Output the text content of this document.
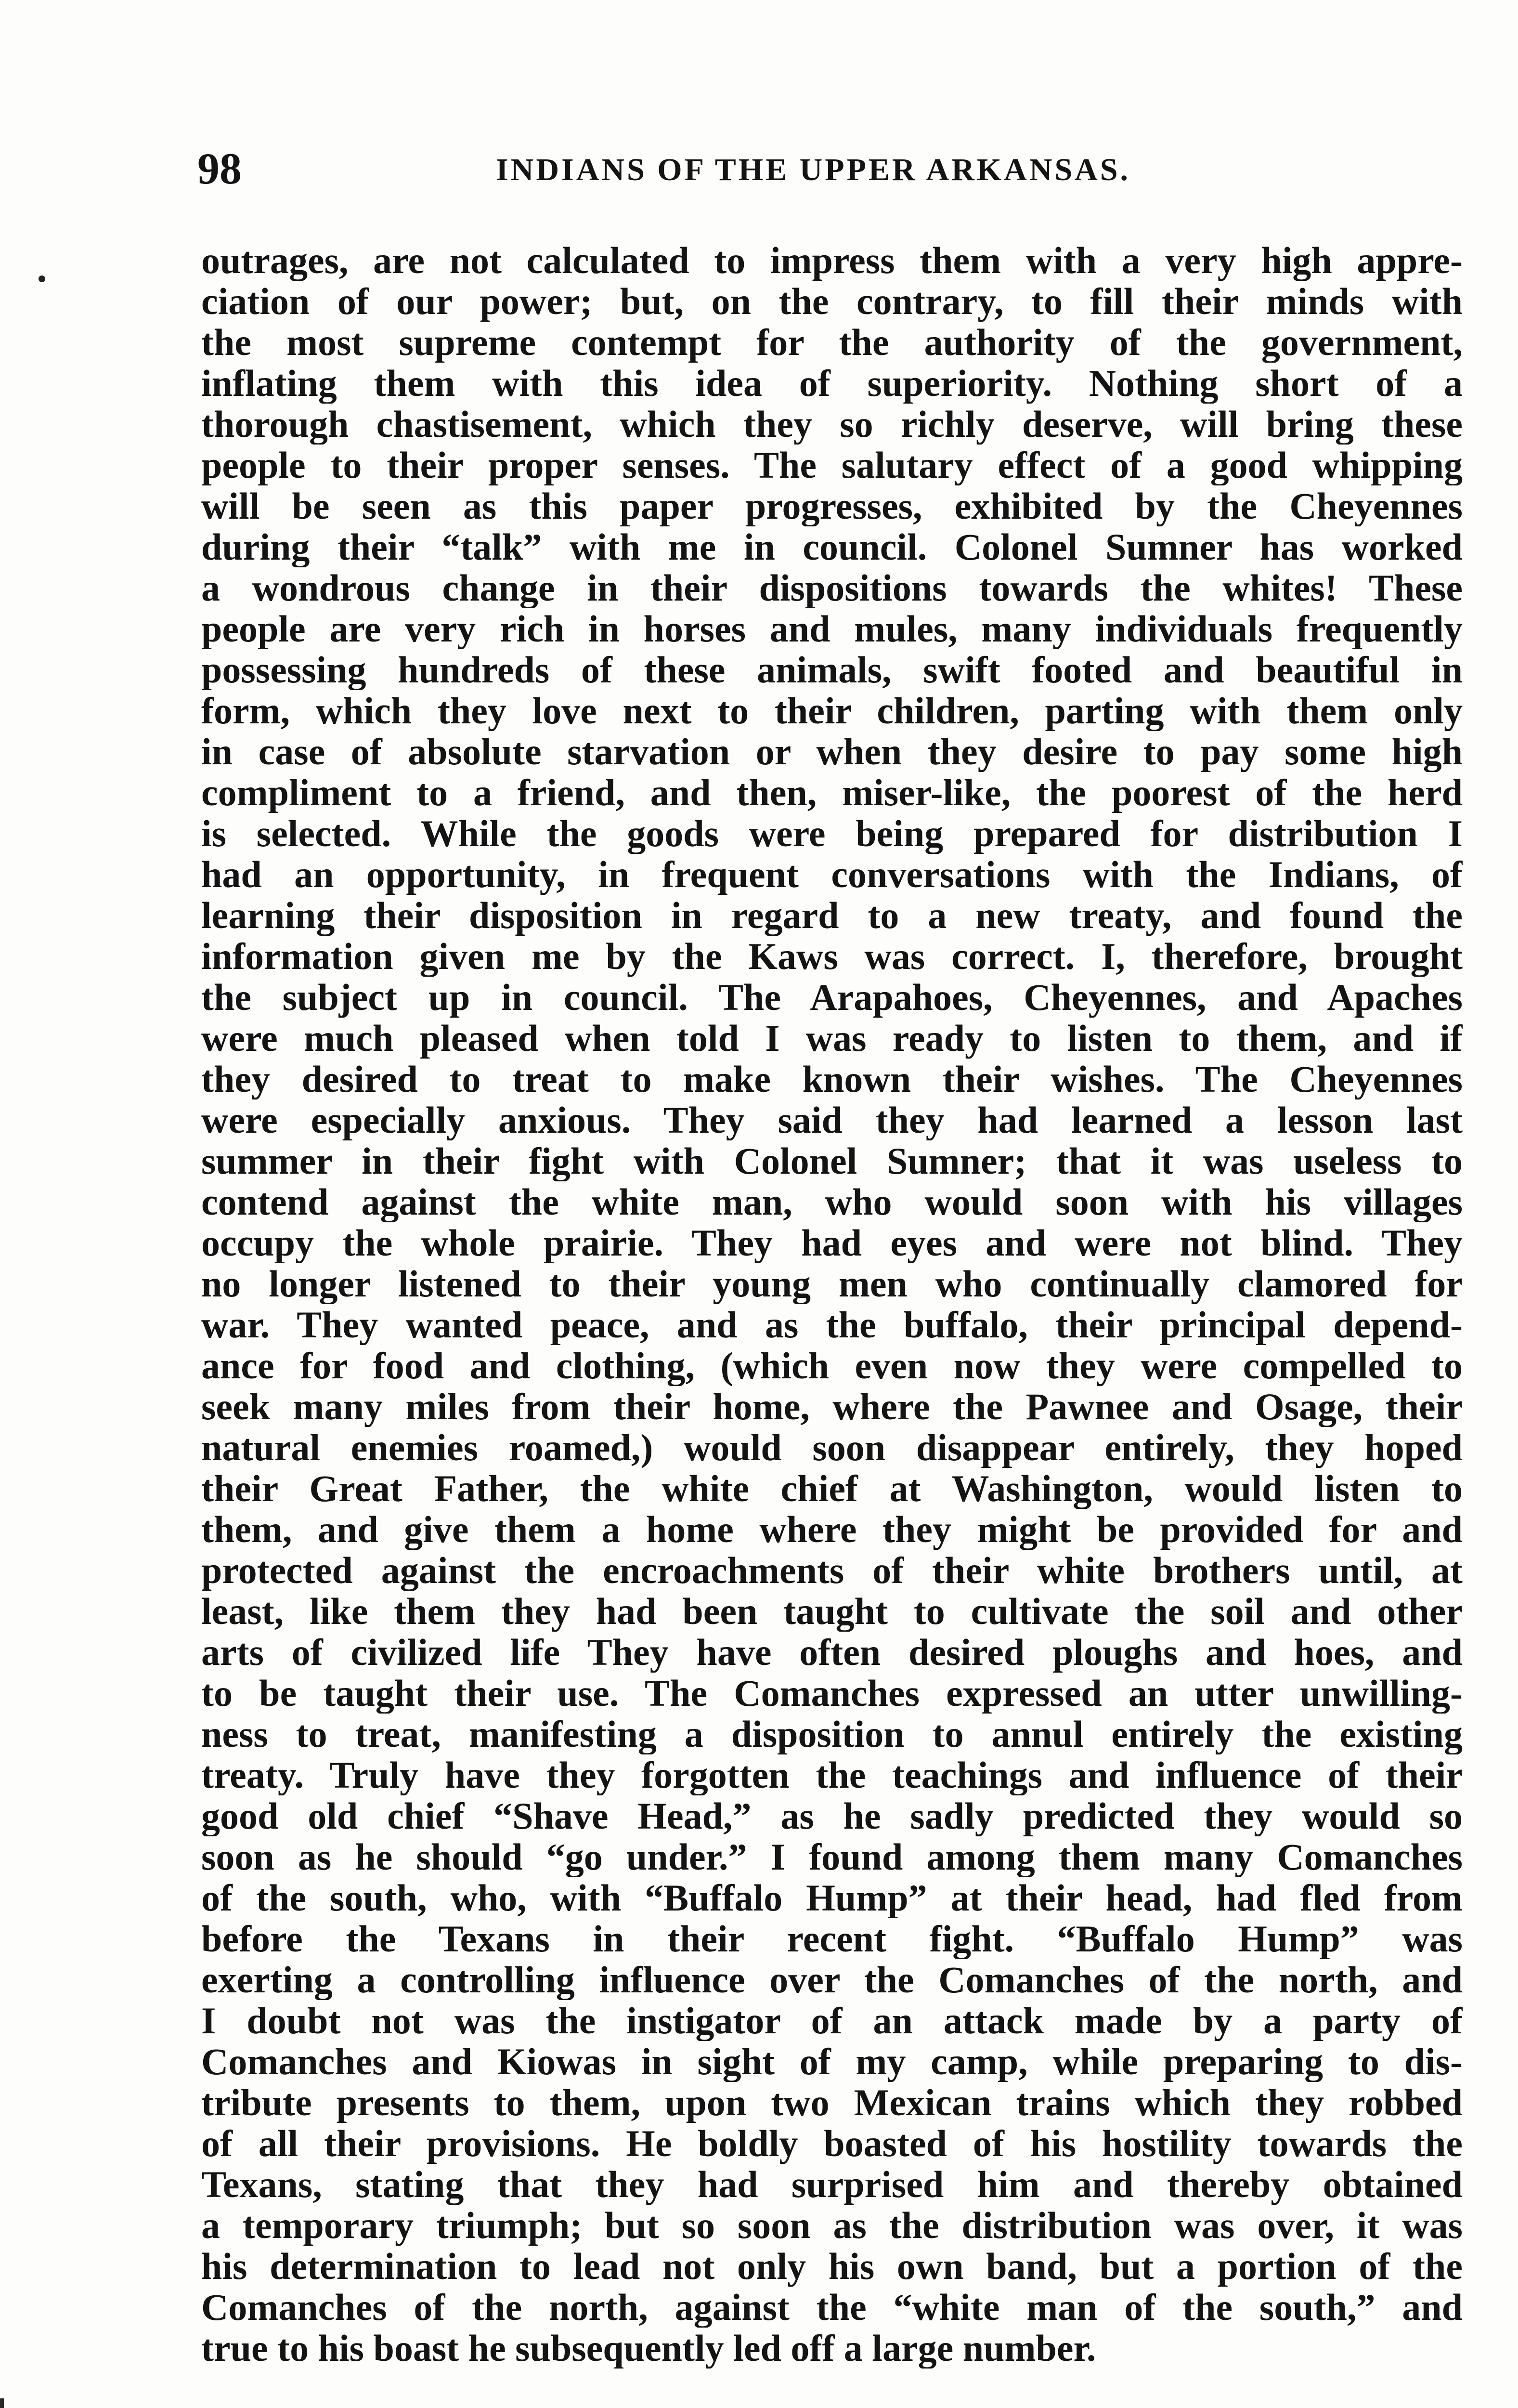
98	INDIANS OF THE UPPER ARKANSAS.
outrages, are not calculated to impress them with a very high appre-
ciation of our power; but, on the contrary, to fill their minds with
the most supreme contempt for the authority of the government,
inflating them with this idea of superiority. Nothing short of a
thorough chastisement, which they so richly deserve, will bring these
people to their proper senses. The salutary effect of a good whipping
will be seen as this paper progresses, exhibited by the Cheyennes
during their “talk” with me in council. Colonel Sumner has worked
a wondrous change in their dispositions towards the whites! These
people are very rich in horses and mules, many individuals frequently
possessing hundreds of these animals, swift footed and beautiful in
form, which they love next to their children, parting with them only
in case of absolute starvation or when they desire to pay some high
compliment to a friend, and then, miser-like, the poorest of the herd
is selected. While the goods were being prepared for distribution I
had an opportunity, in frequent conversations with the Indians, of
learning their disposition in regard to a new treaty, and found the
information given me by the Kaws was correct. I, therefore, brought
the subject up in council. The Arapahoes, Cheyennes, and Apaches
were much pleased when told I was ready to listen to them, and if
they desired to treat to make known their wishes. The Cheyennes
were especially anxious. They said they had learned a lesson last
summer in their fight with Colonel Sumner; that it was useless to
contend against the white man, who would soon with his villages
occupy the whole prairie. They had eyes and were not blind. They
no longer listened to their young men who continually clamored for
war. They wanted peace, and as the buffalo, their principal depend-
ance for food and clothing, (which even now they were compelled to
seek many miles from their home, where the Pawnee and Osage, their
natural enemies roamed,) would soon disappear entirely, they hoped
their Great Father, the white chief at Washington, would listen to
them, and give them a home where they might be provided for and
protected against the encroachments of their white brothers until, at
least, like them they had been taught to cultivate the soil and other
arts of civilized life They have often desired ploughs and hoes, and
to be taught their use. The Comanches expressed an utter unwilling-
ness to treat, manifesting a disposition to annul entirely the existing
treaty. Truly have they forgotten the teachings and influence of their
good old chief “Shave Head,” as he sadly predicted they would so
soon as he should “go under.” I found among them many Comanches
of the south, who, with “Buffalo Hump” at their head, had fled from
before the Texans in their recent fight. “Buffalo Hump” was
exerting a controlling influence over the Comanches of the north, and
I doubt not was the instigator of an attack made by a party of
Comanches and Kiowas in sight of my camp, while preparing to dis-
tribute presents to them, upon two Mexican trains which they robbed
of all their provisions. He boldly boasted of his hostility towards the
Texans, stating that they had surprised him and thereby obtained
a temporary triumph; but so soon as the distribution was over, it was
his determination to lead not only his own band, but a portion of the
Comanches of the north, against the “white man of the south,” and
true to his boast he subsequently led off a large number.
